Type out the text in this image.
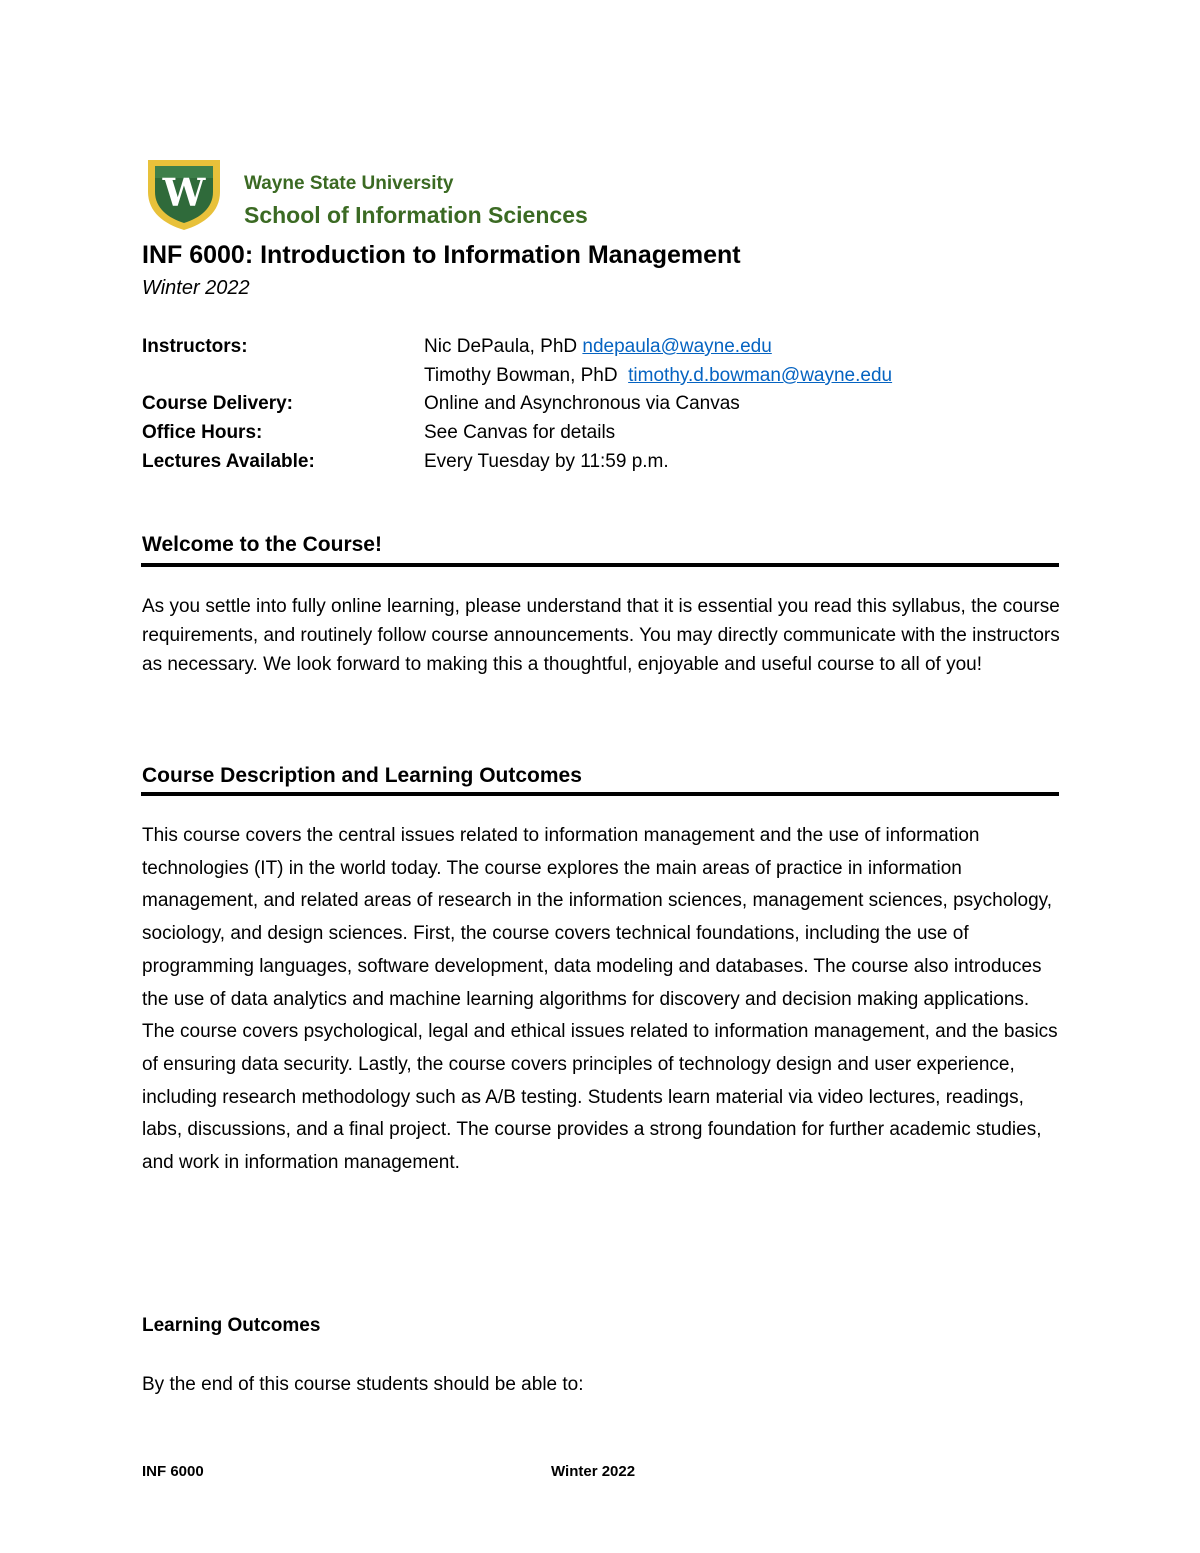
W Wayne State University
School of Information Sciences
INF 6000: Introduction to Information Management
Winter 2022
Instructors:	Nic DePaula, PhD ndepaula@wayne.edu
Timothy Bowman, PhD  timothy.d.bowman@wayne.edu
Course Delivery:	Online and Asynchronous via Canvas
Office Hours:	See Canvas for details
Lectures Available:	Every Tuesday by 11:59 p.m.
Welcome to the Course!
As you settle into fully online learning, please understand that it is essential you read this syllabus, the course requirements, and routinely follow course announcements. You may directly communicate with the instructors as necessary. We look forward to making this a thoughtful, enjoyable and useful course to all of you!
Course Description and Learning Outcomes
This course covers the central issues related to information management and the use of information technologies (IT) in the world today. The course explores the main areas of practice in information management, and related areas of research in the information sciences, management sciences, psychology, sociology, and design sciences. First, the course covers technical foundations, including the use of programming languages, software development, data modeling and databases. The course also introduces the use of data analytics and machine learning algorithms for discovery and decision making applications. The course covers psychological, legal and ethical issues related to information management, and the basics of ensuring data security. Lastly, the course covers principles of technology design and user experience, including research methodology such as A/B testing. Students learn material via video lectures, readings, labs, discussions, and a final project. The course provides a strong foundation for further academic studies, and work in information management.
Learning Outcomes
By the end of this course students should be able to:
INF 6000	Winter 2022
